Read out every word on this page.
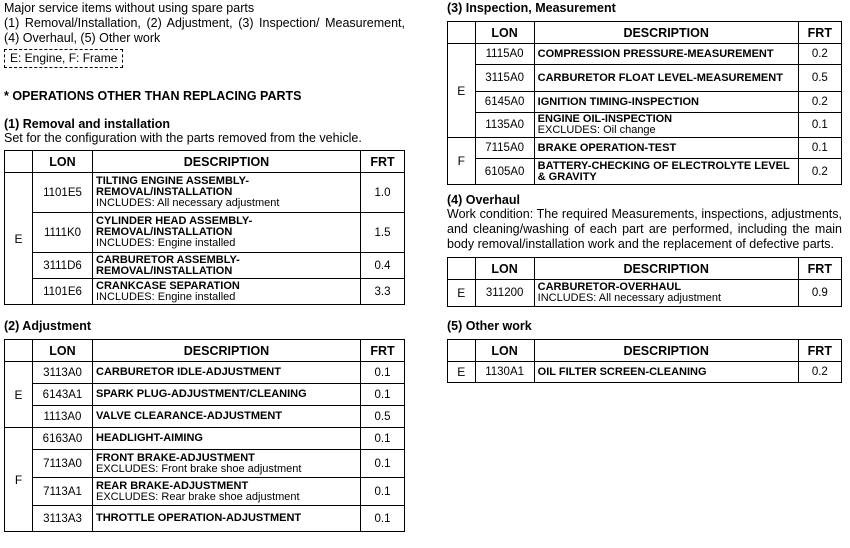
Major service items without using spare parts
(1) Removal/Installation, (2) Adjustment, (3) Inspection/ Measurement, (4) Overhaul, (5) Other work
E: Engine, F: Frame
* OPERATIONS OTHER THAN REPLACING PARTS
(1) Removal and installation
Set for the configuration with the parts removed from the vehicle.
	LON	DESCRIPTION	FRT
E	1101E5	TILTING ENGINE ASSEMBLY-REMOVAL/INSTALLATION
INCLUDES: All necessary adjustment	1.0
	1111K0	CYLINDER HEAD ASSEMBLY-REMOVAL/INSTALLATION
INCLUDES: Engine installed	1.5
	3111D6	CARBURETOR ASSEMBLY-REMOVAL/INSTALLATION	0.4
	1101E6	CRANKCASE SEPARATION
INCLUDES: Engine installed	3.3
(2) Adjustment
	LON	DESCRIPTION	FRT
E	3113A0	CARBURETOR IDLE-ADJUSTMENT	0.1
	6143A1	SPARK PLUG-ADJUSTMENT/CLEANING	0.1
	1113A0	VALVE CLEARANCE-ADJUSTMENT	0.5
F	6163A0	HEADLIGHT-AIMING	0.1
	7113A0	FRONT BRAKE-ADJUSTMENT
EXCLUDES: Front brake shoe adjustment	0.1
	7113A1	REAR BRAKE-ADJUSTMENT
EXCLUDES: Rear brake shoe adjustment	0.1
	3113A3	THROTTLE OPERATION-ADJUSTMENT	0.1
(3) Inspection, Measurement
	LON	DESCRIPTION	FRT
E	1115A0	COMPRESSION PRESSURE-MEASUREMENT	0.2
	3115A0	CARBURETOR FLOAT LEVEL-MEASUREMENT	0.5
	6145A0	IGNITION TIMING-INSPECTION	0.2
	1135A0	ENGINE OIL-INSPECTION
EXCLUDES: Oil change	0.1
F	7115A0	BRAKE OPERATION-TEST	0.1
	6105A0	BATTERY-CHECKING OF ELECTROLYTE LEVEL & GRAVITY	0.2
(4) Overhaul
Work condition: The required Measurements, inspections, adjustments, and cleaning/washing of each part are performed, including the main body removal/installation work and the replacement of defective parts.
	LON	DESCRIPTION	FRT
E	311200	CARBURETOR-OVERHAUL
INCLUDES: All necessary adjustment	0.9
(5) Other work
	LON	DESCRIPTION	FRT
E	1130A1	OIL FILTER SCREEN-CLEANING	0.2
